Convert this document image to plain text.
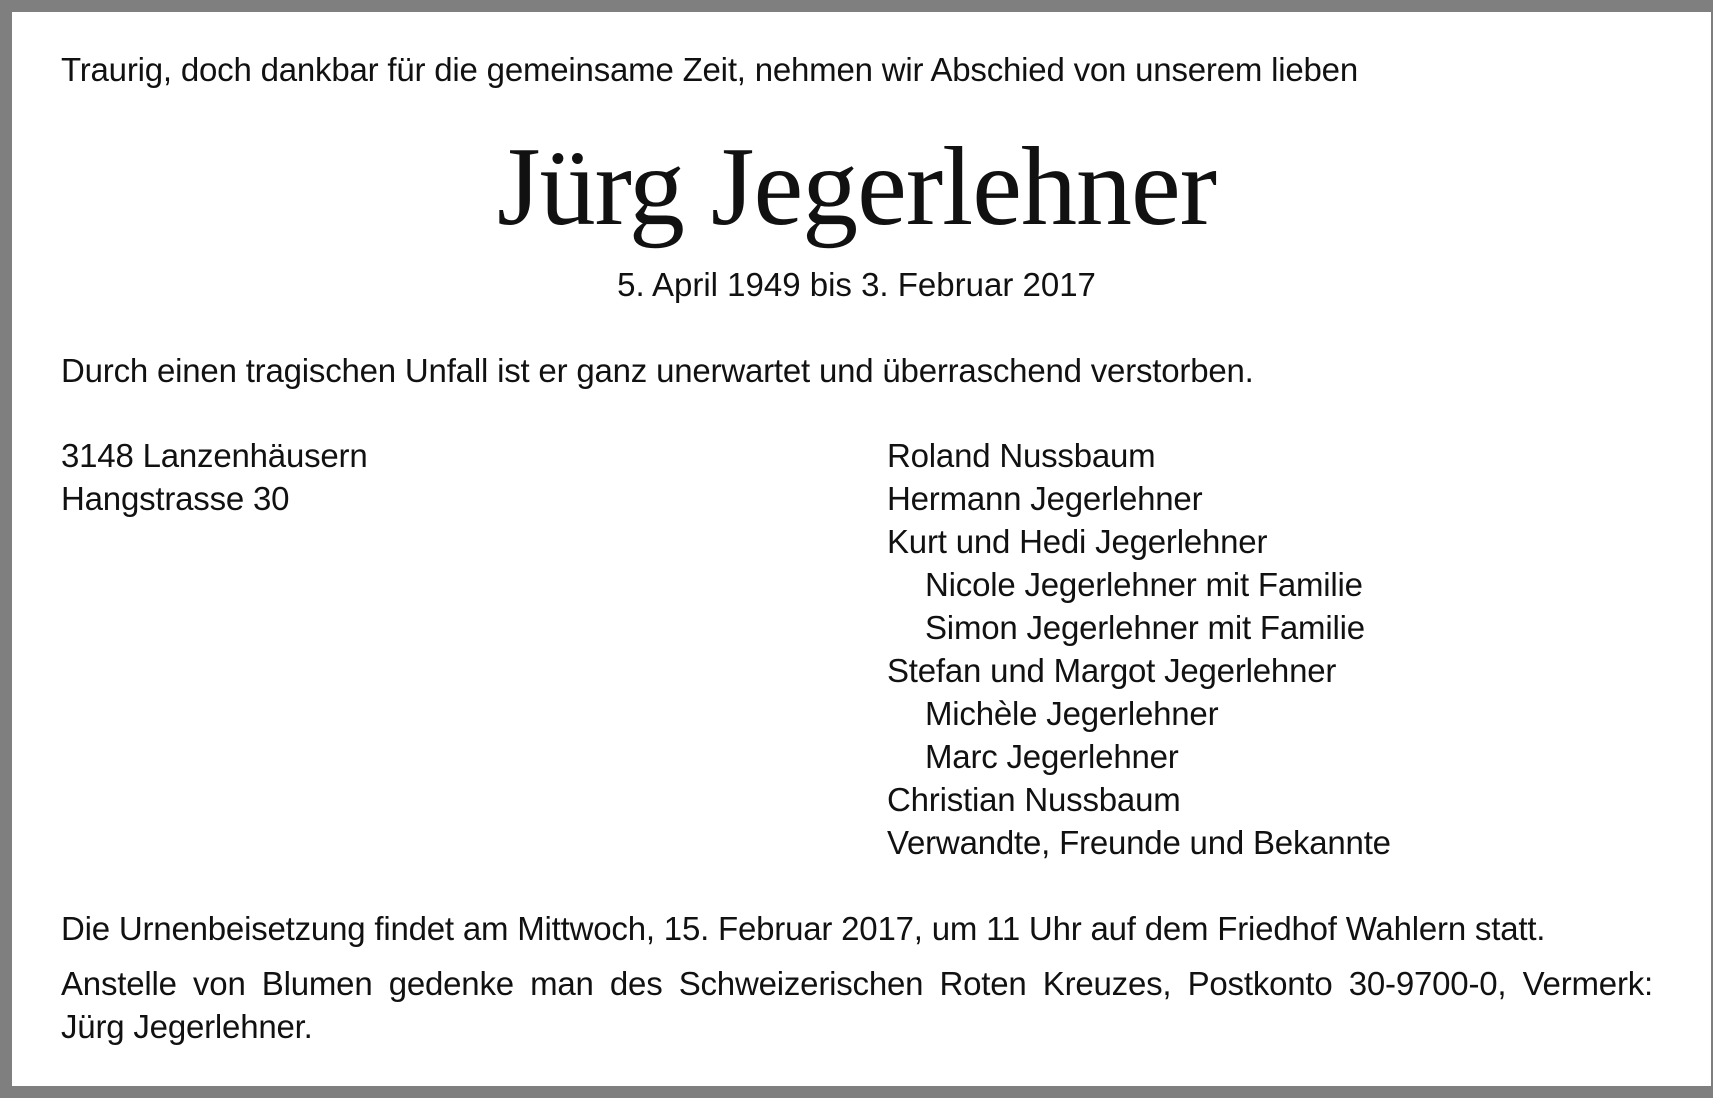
Traurig, doch dankbar für die gemeinsame Zeit, nehmen wir Abschied von unserem lieben
Jürg Jegerlehner
5. April 1949 bis 3. Februar 2017
Durch einen tragischen Unfall ist er ganz unerwartet und überraschend verstorben.
3148 Lanzenhäusern
Hangstrasse 30
Roland Nussbaum
Hermann Jegerlehner
Kurt und Hedi Jegerlehner
Nicole Jegerlehner mit Familie
Simon Jegerlehner mit Familie
Stefan und Margot Jegerlehner
Michèle Jegerlehner
Marc Jegerlehner
Christian Nussbaum
Verwandte, Freunde und Bekannte
Die Urnenbeisetzung findet am Mittwoch, 15. Februar 2017, um 11 Uhr auf dem Friedhof Wahlern statt.
Anstelle von Blumen gedenke man des Schweizerischen Roten Kreuzes, Postkonto 30-9700-0, Vermerk:
Jürg Jegerlehner.
